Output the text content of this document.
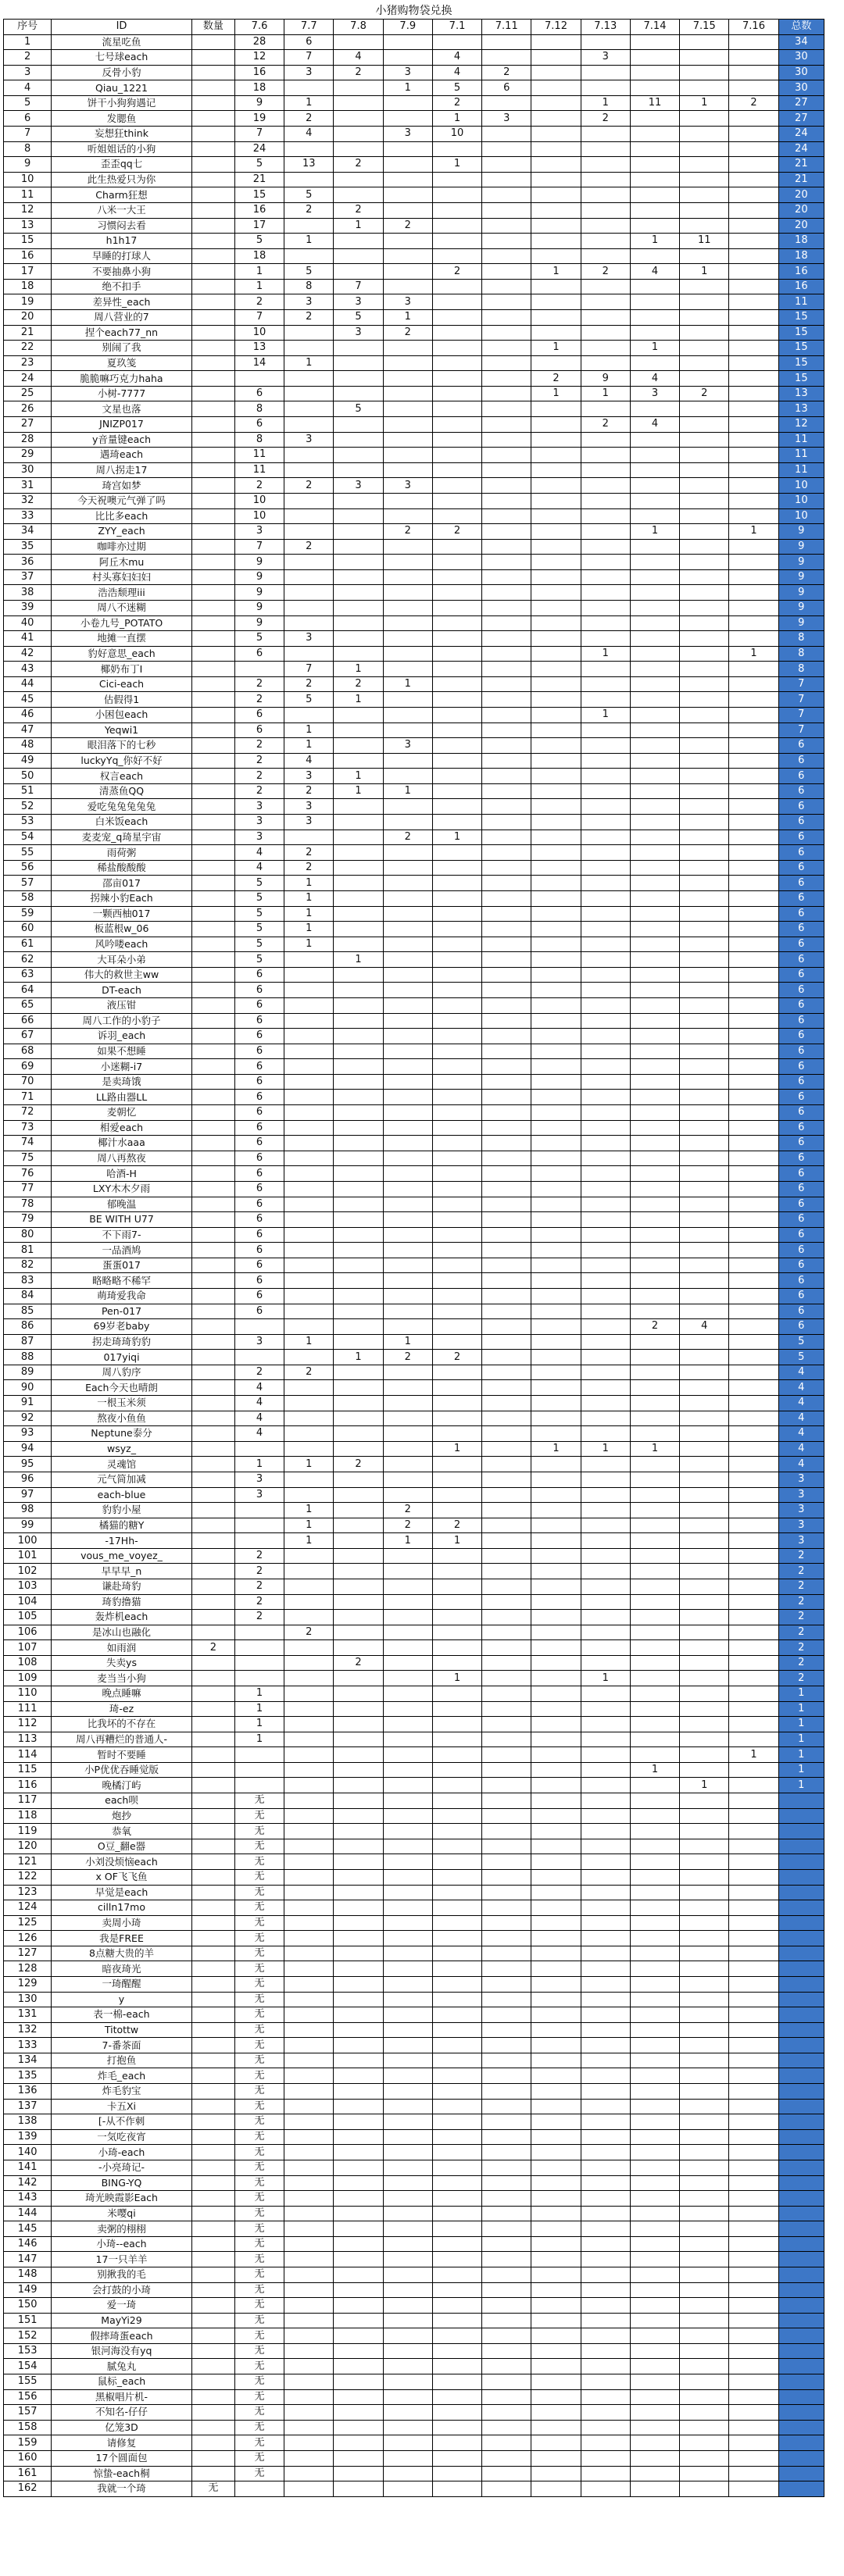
小猪购物袋兑换														
序号	ID	数量	7.6	7.7	7.8	7.9	7.1	7.11	7.12	7.13	7.14	7.15	7.16	总数
1	流星吃鱼		28	6										34
2	七号球each		12	7	4		4			3				30
3	反骨小豹		16	3	2	3	4	2						30
4	Qiau_1221		18			1	5	6						30
5	饼干小狗狗遇记		9	1			2			1	11	1	2	27
6	发腮鱼		19	2			1	3		2				27
7	妄想狂think		7	4		3	10							24
8	听姐姐话的小狗		24											24
9	歪歪qq七		5	13	2		1							21
10	此生热爱只为你		21											21
11	Charm狂想		15	5										20
12	八米一大王		16	2	2									20
13	习惯闷去看		17		1	2								20
15	h1h17		5	1							1	11		18
16	早睡的打球人		18											18
17	不要抽鼻小狗		1	5			2		1	2	4	1		16
18	绝不扣手		1	8	7									16
19	差异性_each		2	3	3	3								11
20	周八营业的7		7	2	5	1								15
21	捏个each77_nn		10		3	2								15
22	别闹了我		13						1		1			15
23	夏玖笺		14	1										15
24	脆脆嘛巧克力haha								2	9	4			15
25	小树-7777		6						1	1	3	2		13
26	文星也落		8		5									13
27	JNIZP017		6							2	4			12
28	y音量键each		8	3										11
29	遇琦each		11											11
30	周八拐走17		11											11
31	琦宫如梦		2	2	3	3								10
32	今天祝噢元气弹了吗		10											10
33	比比多each		10											10
34	ZYY_each		3			2	2				1		1	9
35	咖啡亦过期		7	2										9
36	阿丘木mu		9											9
37	村头寡妇妇妇		9											9
38	浩浩颓理iii		9											9
39	周八不迷糊		9											9
40	小卷九号_POTATO		9											9
41	地摊一直摆		5	3										8
42	豹好意思_each		6							1			1	8
43	椰奶布丁Ⅰ			7	1									8
44	Cici-each		2	2	2	1								7
45	估假得1		2	5	1									7
46	小困包each		6							1				7
47	Yeqwi1		6	1										7
48	眼泪落下的七秒		2	1		3								6
49	luckyYq_你好不好		2	4										6
50	权言each		2	3	1									6
51	清蒸鱼QQ		2	2	1	1								6
52	爱吃兔兔兔兔兔		3	3										6
53	白米饭each		3	3										6
54	麦麦宠_q琦星宇宙		3			2	1							6
55	雨荷粥		4	2										6
56	稀盐酸酸酸		4	2										6
57	邵亩017		5	1										6
58	拐辣小豹Each		5	1										6
59	一颗西柚017		5	1										6
60	板蓝根w_06		5	1										6
61	风吟喽each		5	1										6
62	大耳朵小弟		5		1									6
63	伟大的救世主ww		6											6
64	DT-each		6											6
65	液压钳		6											6
66	周八工作的小豹子		6											6
67	诉羽_each		6											6
68	如果不想睡		6											6
69	小迷糊-i7		6											6
70	是卖琦饿		6											6
71	LL路由器LL		6											6
72	麦朝忆		6											6
73	相爱each		6											6
74	椰汁水aaa		6											6
75	周八再熬夜		6											6
76	哈酒-H		6											6
77	LXY木木夕雨		6											6
78	郁晚温		6											6
79	BE WITH U77		6											6
80	不下雨7-		6											6
81	一品酒鸠		6											6
82	蛋蛋017		6											6
83	略略略不稀罕		6											6
84	萌琦爱我命		6											6
85	Pen-017		6											6
86	69岁老baby										2	4		6
87	拐走琦琦豹豹		3	1		1								5
88	017yiqi				1	2	2							5
89	周八豹序		2	2										4
90	Each今天也晴朗		4											4
91	一根玉米须		4											4
92	熬夜小鱼鱼		4											4
93	Neptune泰分		4											4
94	wsyz_						1		1	1	1			4
95	灵魂馆		1	1	2									4
96	元气简加减		3											3
97	each-blue		3											3
98	豹豹小屋			1		2								3
99	橘猫的糖Y			1		2	2							3
100	-17Hh-			1		1	1							3
101	vous_me_voyez_		2											2
102	早早早_n		2											2
103	谦赴琦豹		2											2
104	琦豹撸猫		2											2
105	轰炸机each		2											2
106	是冰山也融化			2										2
107	如雨润	2												2
108	失卖ys				2									2
109	麦当当小狗						1			1				2
110	晚点睡嘛		1											1
111	琦-ez		1											1
112	比我坏的不存在		1											1
113	周八再糟烂的普通人-		1											1
114	暂时不要睡												1	1
115	小P优优吞睡觉版										1			1
116	晚橘汀屿											1		1
117	each呗		无											
118	炮抄		无											
119	恭氧		无											
120	O豆_翻e器		无											
121	小刘没烦恼each		无											
122	x OF飞飞鱼		无											
123	早觉是each		无											
124	cilln17mo		无											
125	卖周小琦		无											
126	我是FREE		无											
127	8点糖大贵的羊		无											
128	暗夜琦光		无											
129	一琦醒醒		无											
130	y		无											
131	表一棉-each		无											
132	Titottw		无											
133	7-番茶面		无											
134	打抱鱼		无											
135	炸毛_each		无											
136	炸毛豹宝		无											
137	卡五Xi		无											
138	[-从不作刺		无											
139	一気吃夜宵		无											
140	小琦-each		无											
141	-小亮琦记-		无											
142	BING-YQ		无											
143	琦光映霞影Each		无											
144	米嘤qi		无											
145	卖粥的栩栩		无											
146	小琦--each		无											
147	17一只羊羊		无											
148	别揪我的毛		无											
149	会打鼓的小琦		无											
150	爱一琦		无											
151	MayYi29		无											
152	假摔琦蛋each		无											
153	银河海没有yq		无											
154	腻兔丸		无											
155	鼠标_each		无											
156	黑椒唱片机-		无											
157	不知名-仔仔		无											
158	亿笼3D		无											
159	请修复		无											
160	17个圆面包		无											
161	惊蛰-each桐		无											
162	我就一个琦	无												
